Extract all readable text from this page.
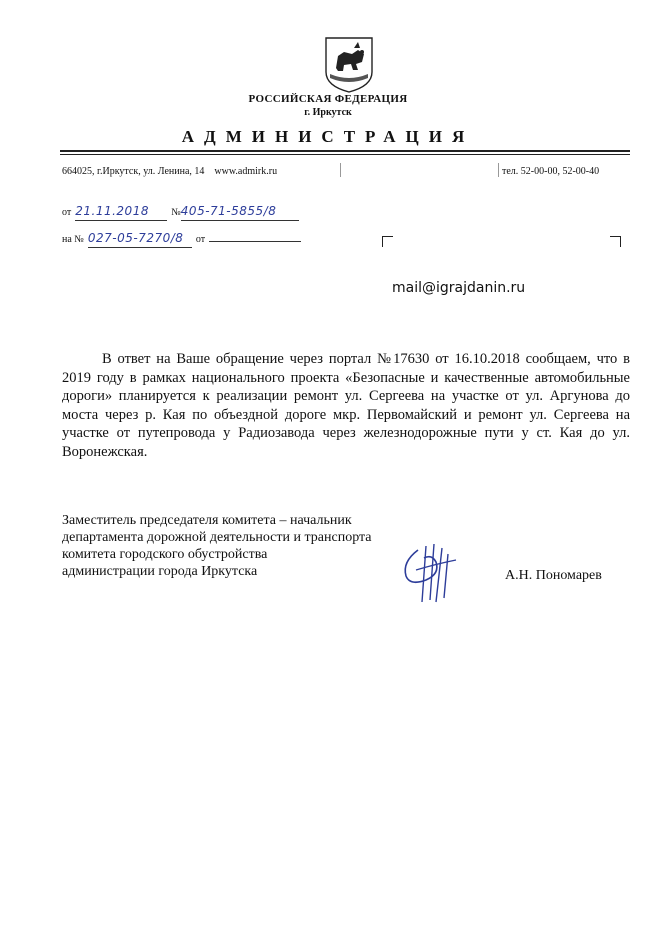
РОССИЙСКАЯ ФЕДЕРАЦИЯ
г. Иркутск
АДМИНИСТРАЦИЯ
664025, г.Иркутск, ул. Ленина, 14 www.admirk.ru	тел. 52-00-00, 52-00-40
от 21.11.2018 №405-71-5855/8
на № 027-05-7270/8 от
mail@igrajdanin.ru
В ответ на Ваше обращение через портал №17630 от 16.10.2018 сообщаем, что в 2019 году в рамках национального проекта «Безопасные и качественные автомобильные дороги» планируется к реализации ремонт ул. Сергеева на участке от ул. Аргунова до моста через р. Кая по объездной дороге мкр. Первомайский и ремонт ул. Сергеева на участке от путепровода у Радиозавода через железнодорожные пути у ст. Кая до ул. Воронежская.
Заместитель председателя комитета – начальник
департамента дорожной деятельности и транспорта
комитета городского обустройства
администрации города Иркутска	А.Н. Пономарев
